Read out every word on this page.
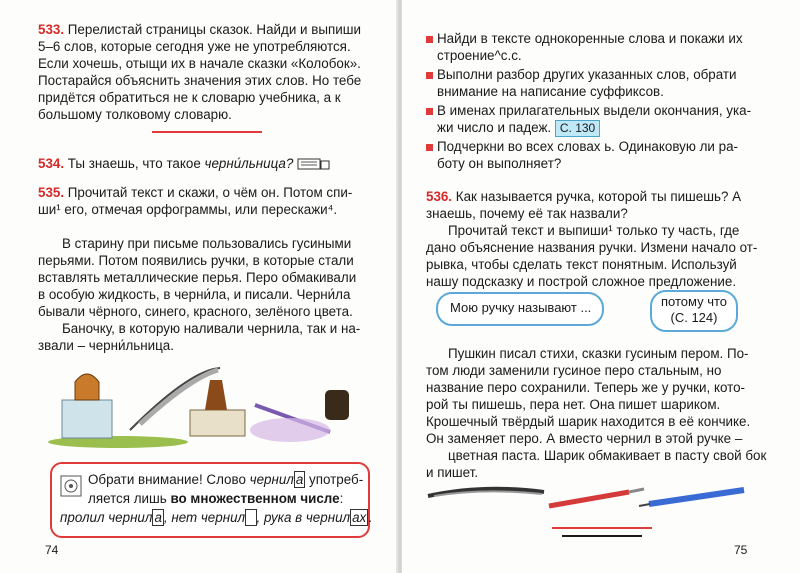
533. Перелистай страницы сказок. Найди и выпиши

5–6 слов, которые сегодня уже не употребляются.

Если хочешь, отыщи их в начале сказки «Колобок».

Постарайся объяснить значения этих слов. Но тебе

придётся обратиться не к словарю учебника, а к

большому толковому словарю.

534. Ты знаешь, что такое черни́льница?

535. Прочитай текст и скажи, о чём он. Потом спи-

ши¹ его, отмечая орфограммы, или перескажи⁴.

В старину при письме пользовались гусиными

перьями. Потом появились ручки, в которые стали

вставлять металлические перья. Перо обмакивали

в особую жидкость, в черни́ла, и писали. Черни́ла

бывали чёрного, синего, красного, зелёного цвета.

Баночку, в которую наливали чернила, так и на-

звали – черни́льница.

Обрати внимание! Слово чернил а употреб-

ляется лишь во множественном числе:

пролил чернил а , нет чернил , рука в чернил ах .

74

Найди в тексте однокоренные слова и покажи их

строение^с.с.

Выполни разбор других указанных слов, обрати

внимание на написание суффиксов.

В именах прилагательных выдели окончания, ука-

жи число и падеж. С. 130

Подчеркни во всех словах ь. Одинаковую ли ра-

боту он выполняет?

536. Как называется ручка, которой ты пишешь? А

знаешь, почему её так назвали?

Прочитай текст и выпиши¹ только ту часть, где

дано объяснение названия ручки. Измени начало от-

рывка, чтобы сделать текст понятным. Используй

нашу подсказку и построй сложное предложение.

Мою ручку называют ...	потому что
(С. 124)

Пушкин писал стихи, сказки гусиным пером. По-

том люди заменили гусиное перо стальным, но

название перо сохранили. Теперь же у ручки, кото-

рой ты пишешь, пера нет. Она пишет шариком.

Крошечный твёрдый шарик находится в её кончике.

Он заменяет перо. А вместо чернил в этой ручке –

цветная паста. Шарик обмакивает в пасту свой бок

и пишет.

75
